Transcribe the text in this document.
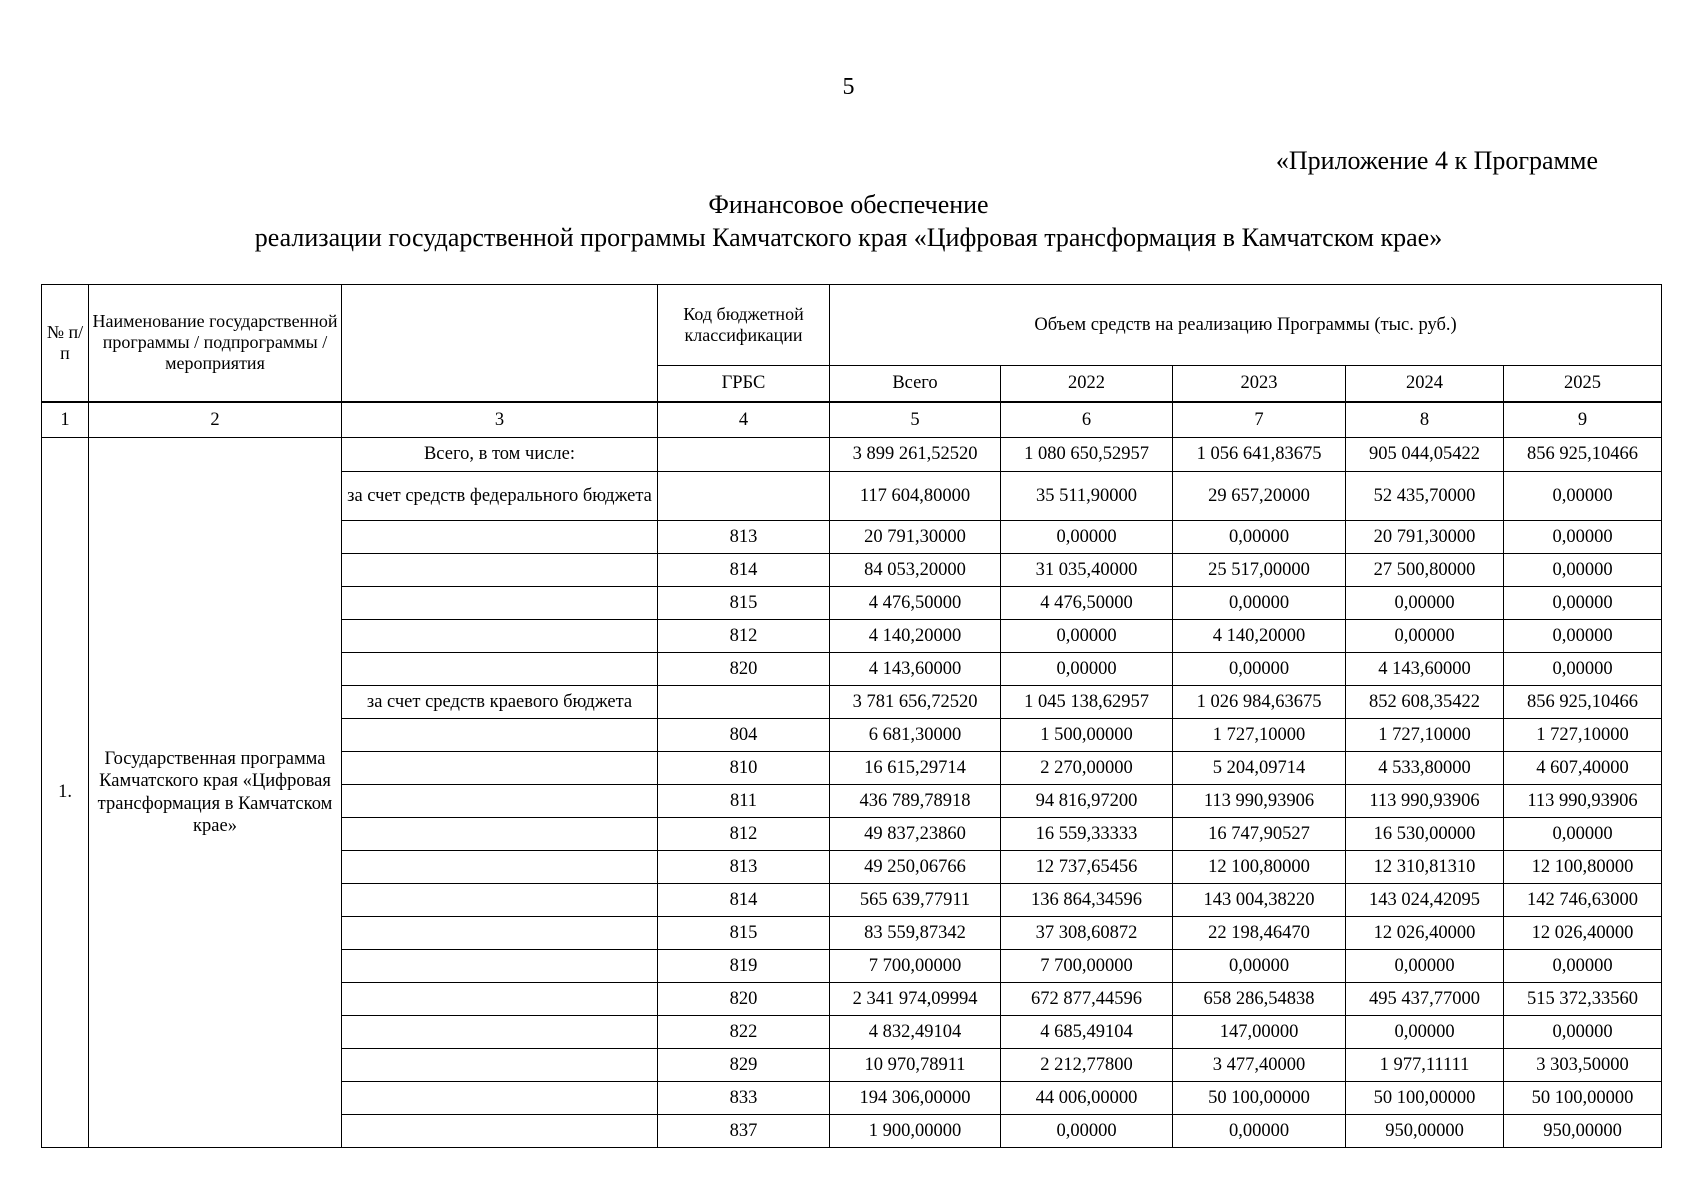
5
«Приложение 4 к Программе
Финансовое обеспечение
реализации государственной программы Камчатского края «Цифровая трансформация в Камчатском крае»
№ п/п	Наименование государственной программы / подпрограммы / мероприятия		Код бюджетной классификации	Объем средств на реализацию Программы (тыс. руб.)				
			ГРБС	Всего	2022	2023	2024	2025
1	2	3	4	5	6	7	8	9
1.	Государственная программа Камчатского края «Цифровая трансформация в Камчатском крае»	Всего, в том числе:		3 899 261,52520	1 080 650,52957	1 056 641,83675	905 044,05422	856 925,10466
		за счет средств федерального бюджета		117 604,80000	35 511,90000	29 657,20000	52 435,70000	0,00000
			813	20 791,30000	0,00000	0,00000	20 791,30000	0,00000
			814	84 053,20000	31 035,40000	25 517,00000	27 500,80000	0,00000
			815	4 476,50000	4 476,50000	0,00000	0,00000	0,00000
			812	4 140,20000	0,00000	4 140,20000	0,00000	0,00000
			820	4 143,60000	0,00000	0,00000	4 143,60000	0,00000
		за счет средств краевого бюджета		3 781 656,72520	1 045 138,62957	1 026 984,63675	852 608,35422	856 925,10466
			804	6 681,30000	1 500,00000	1 727,10000	1 727,10000	1 727,10000
			810	16 615,29714	2 270,00000	5 204,09714	4 533,80000	4 607,40000
			811	436 789,78918	94 816,97200	113 990,93906	113 990,93906	113 990,93906
			812	49 837,23860	16 559,33333	16 747,90527	16 530,00000	0,00000
			813	49 250,06766	12 737,65456	12 100,80000	12 310,81310	12 100,80000
			814	565 639,77911	136 864,34596	143 004,38220	143 024,42095	142 746,63000
			815	83 559,87342	37 308,60872	22 198,46470	12 026,40000	12 026,40000
			819	7 700,00000	7 700,00000	0,00000	0,00000	0,00000
			820	2 341 974,09994	672 877,44596	658 286,54838	495 437,77000	515 372,33560
			822	4 832,49104	4 685,49104	147,00000	0,00000	0,00000
			829	10 970,78911	2 212,77800	3 477,40000	1 977,11111	3 303,50000
			833	194 306,00000	44 006,00000	50 100,00000	50 100,00000	50 100,00000
			837	1 900,00000	0,00000	0,00000	950,00000	950,00000
